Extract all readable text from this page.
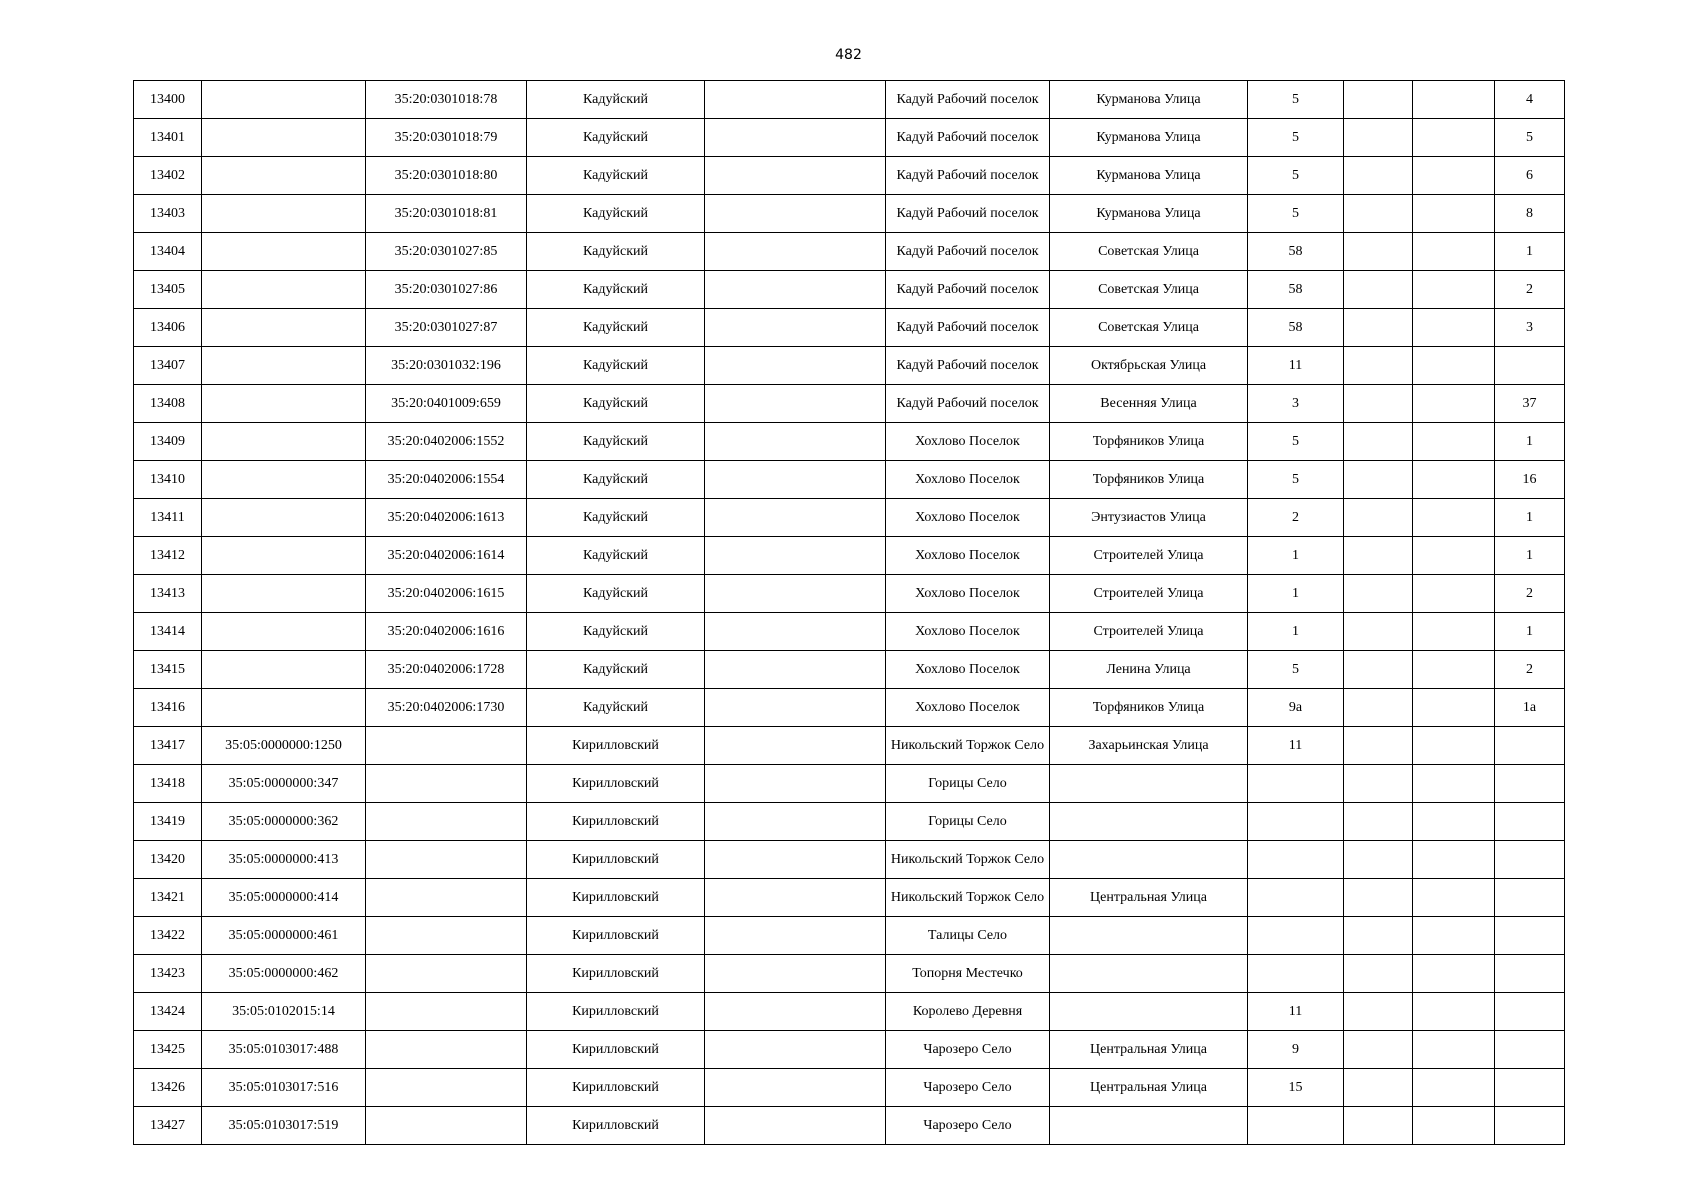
482
13400		35:20:0301018:78	Кадуйский		Кадуй Рабочий поселок	Курманова Улица	5			4
13401		35:20:0301018:79	Кадуйский		Кадуй Рабочий поселок	Курманова Улица	5			5
13402		35:20:0301018:80	Кадуйский		Кадуй Рабочий поселок	Курманова Улица	5			6
13403		35:20:0301018:81	Кадуйский		Кадуй Рабочий поселок	Курманова Улица	5			8
13404		35:20:0301027:85	Кадуйский		Кадуй Рабочий поселок	Советская Улица	58			1
13405		35:20:0301027:86	Кадуйский		Кадуй Рабочий поселок	Советская Улица	58			2
13406		35:20:0301027:87	Кадуйский		Кадуй Рабочий поселок	Советская Улица	58			3
13407		35:20:0301032:196	Кадуйский		Кадуй Рабочий поселок	Октябрьская Улица	11			
13408		35:20:0401009:659	Кадуйский		Кадуй Рабочий поселок	Весенняя Улица	3			37
13409		35:20:0402006:1552	Кадуйский		Хохлово Поселок	Торфяников Улица	5			1
13410		35:20:0402006:1554	Кадуйский		Хохлово Поселок	Торфяников Улица	5			16
13411		35:20:0402006:1613	Кадуйский		Хохлово Поселок	Энтузиастов Улица	2			1
13412		35:20:0402006:1614	Кадуйский		Хохлово Поселок	Строителей Улица	1			1
13413		35:20:0402006:1615	Кадуйский		Хохлово Поселок	Строителей Улица	1			2
13414		35:20:0402006:1616	Кадуйский		Хохлово Поселок	Строителей Улица	1			1
13415		35:20:0402006:1728	Кадуйский		Хохлово Поселок	Ленина Улица	5			2
13416		35:20:0402006:1730	Кадуйский		Хохлово Поселок	Торфяников Улица	9а			1а
13417	35:05:0000000:1250		Кирилловский		Никольский Торжок Село	Захарьинская Улица	11			
13418	35:05:0000000:347		Кирилловский		Горицы Село					
13419	35:05:0000000:362		Кирилловский		Горицы Село					
13420	35:05:0000000:413		Кирилловский		Никольский Торжок Село					
13421	35:05:0000000:414		Кирилловский		Никольский Торжок Село	Центральная Улица				
13422	35:05:0000000:461		Кирилловский		Талицы Село					
13423	35:05:0000000:462		Кирилловский		Топорня Местечко					
13424	35:05:0102015:14		Кирилловский		Королево Деревня		11			
13425	35:05:0103017:488		Кирилловский		Чарозеро Село	Центральная Улица	9			
13426	35:05:0103017:516		Кирилловский		Чарозеро Село	Центральная Улица	15			
13427	35:05:0103017:519		Кирилловский		Чарозеро Село					
